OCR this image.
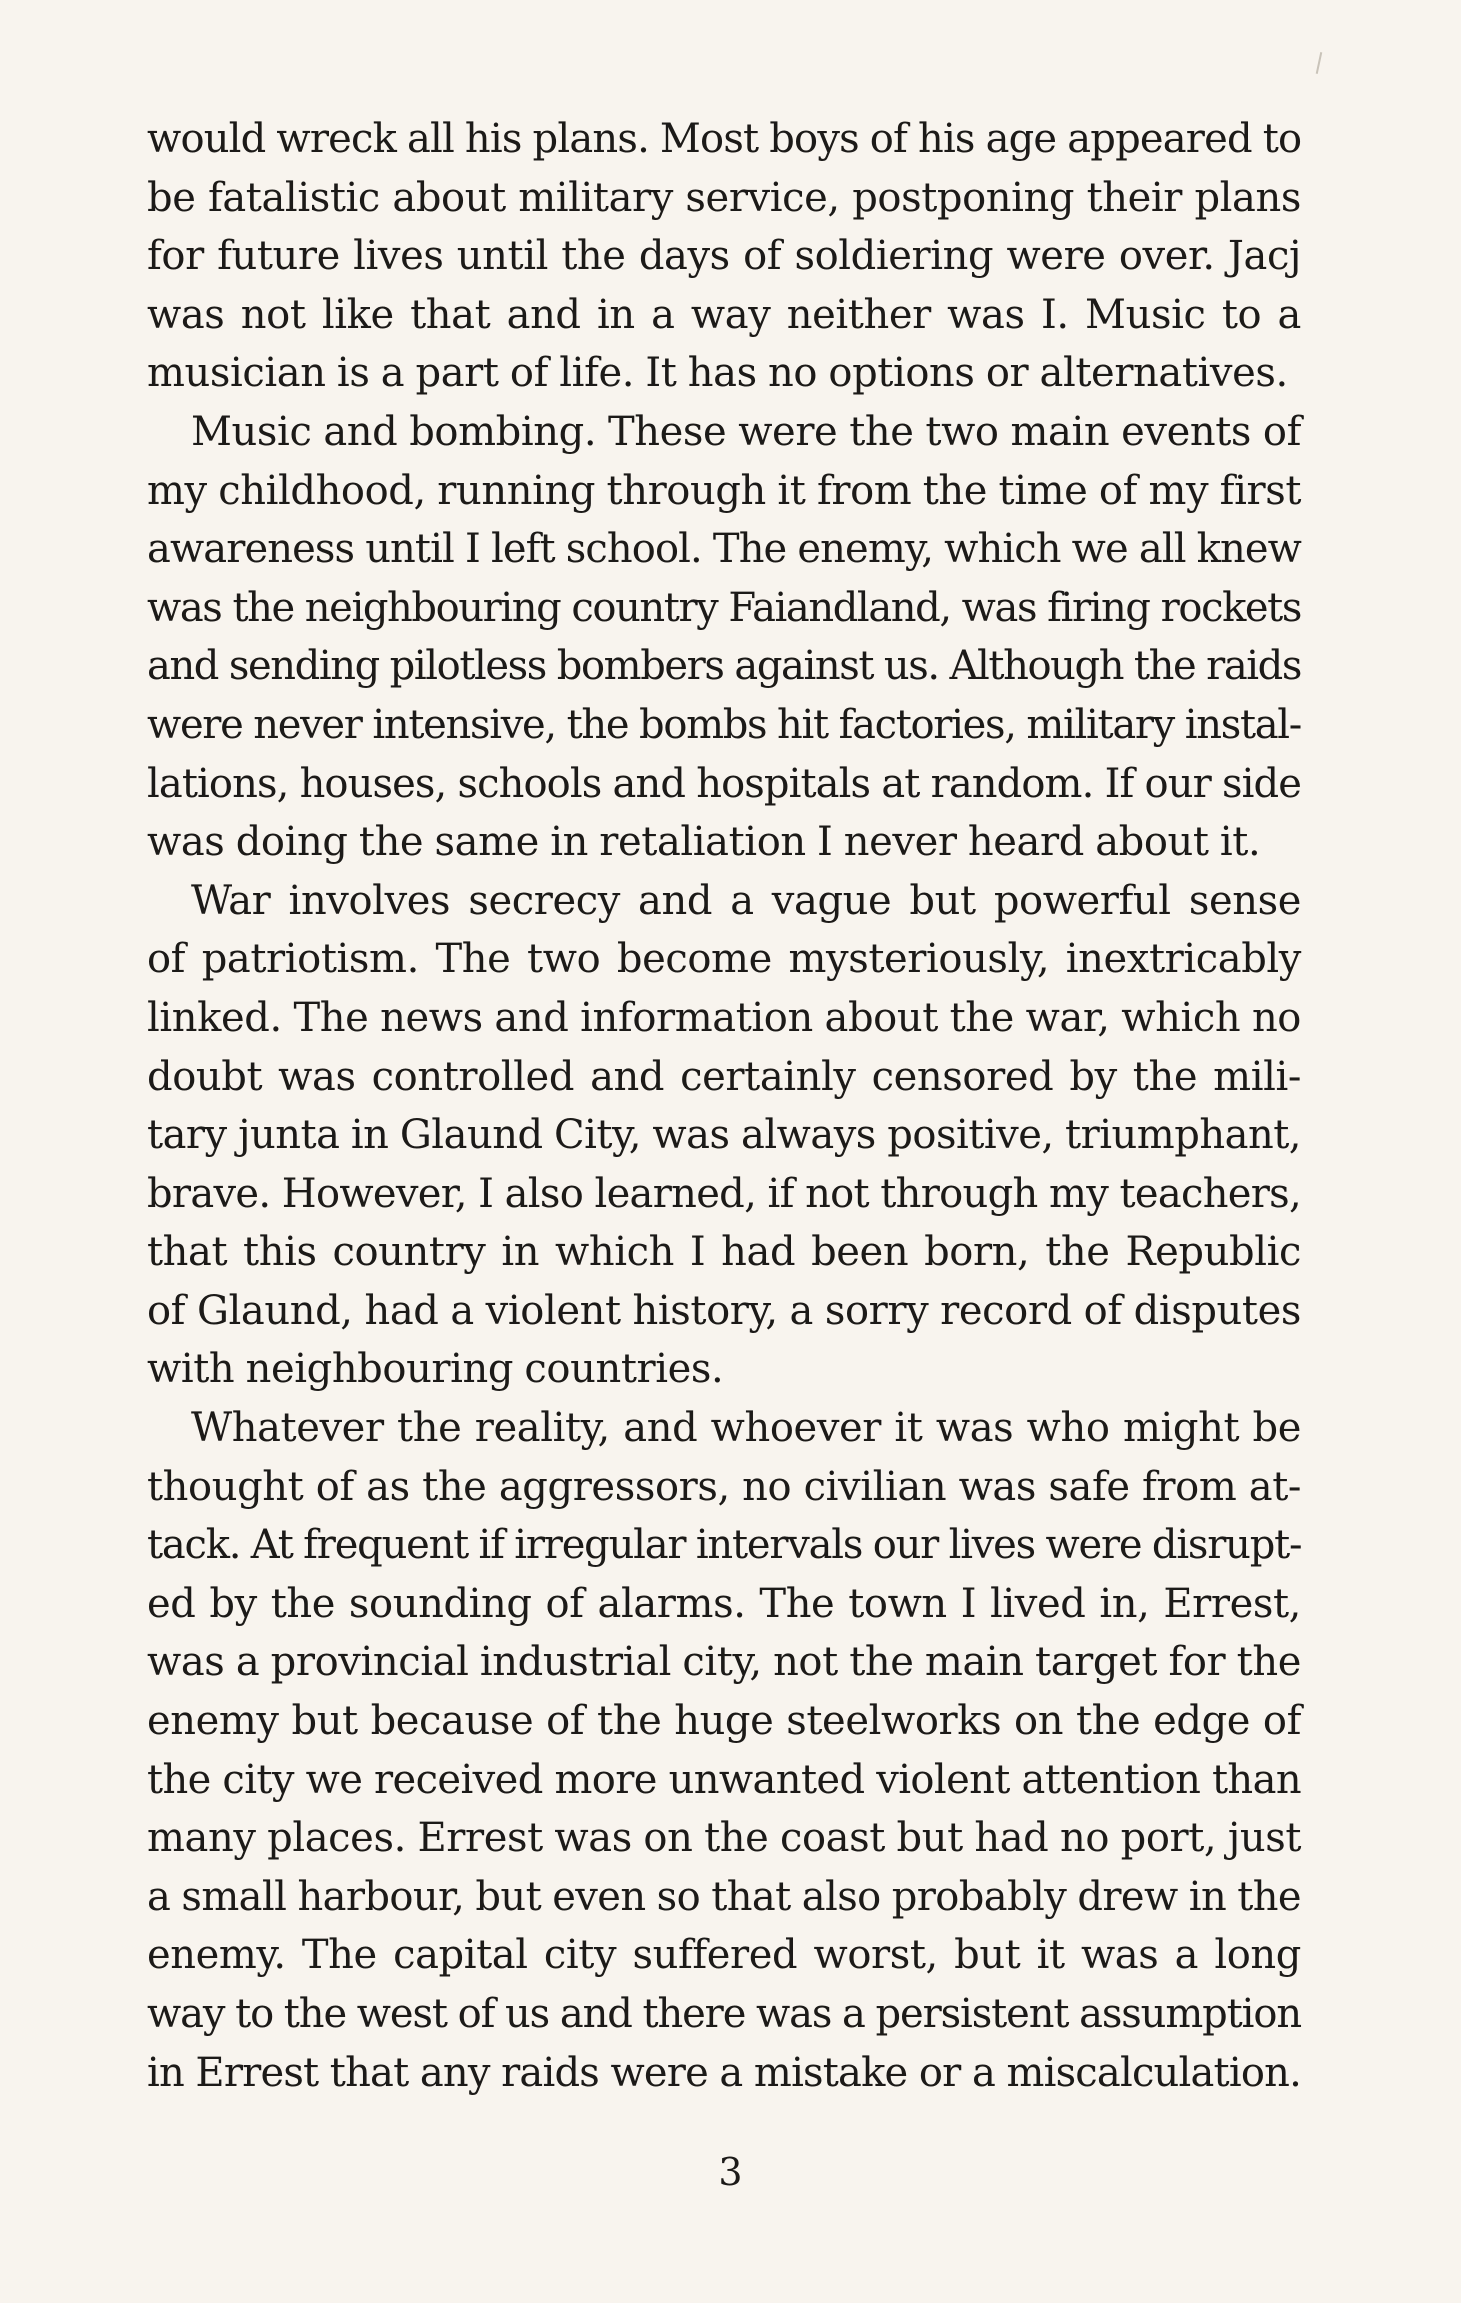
would wreck all his plans. Most boys of his age appeared to
be fatalistic about military service, postponing their plans
for future lives until the days of soldiering were over. Jacj
was not like that and in a way neither was I. Music to a
musician is a part of life. It has no options or alternatives.
Music and bombing. These were the two main events of
my childhood, running through it from the time of my first
awareness until I left school. The enemy, which we all knew
was the neighbouring country Faiandland, was firing rockets
and sending pilotless bombers against us. Although the raids
were never intensive, the bombs hit factories, military instal-
lations, houses, schools and hospitals at random. If our side
was doing the same in retaliation I never heard about it.
War involves secrecy and a vague but powerful sense
of patriotism. The two become mysteriously, inextricably
linked. The news and information about the war, which no
doubt was controlled and certainly censored by the mili-
tary junta in Glaund City, was always positive, triumphant,
brave. However, I also learned, if not through my teachers,
that this country in which I had been born, the Republic
of Glaund, had a violent history, a sorry record of disputes
with neighbouring countries.
Whatever the reality, and whoever it was who might be
thought of as the aggressors, no civilian was safe from at-
tack. At frequent if irregular intervals our lives were disrupt-
ed by the sounding of alarms. The town I lived in, Errest,
was a provincial industrial city, not the main target for the
enemy but because of the huge steelworks on the edge of
the city we received more unwanted violent attention than
many places. Errest was on the coast but had no port, just
a small harbour, but even so that also probably drew in the
enemy. The capital city suffered worst, but it was a long
way to the west of us and there was a persistent assumption
in Errest that any raids were a mistake or a miscalculation.
3
